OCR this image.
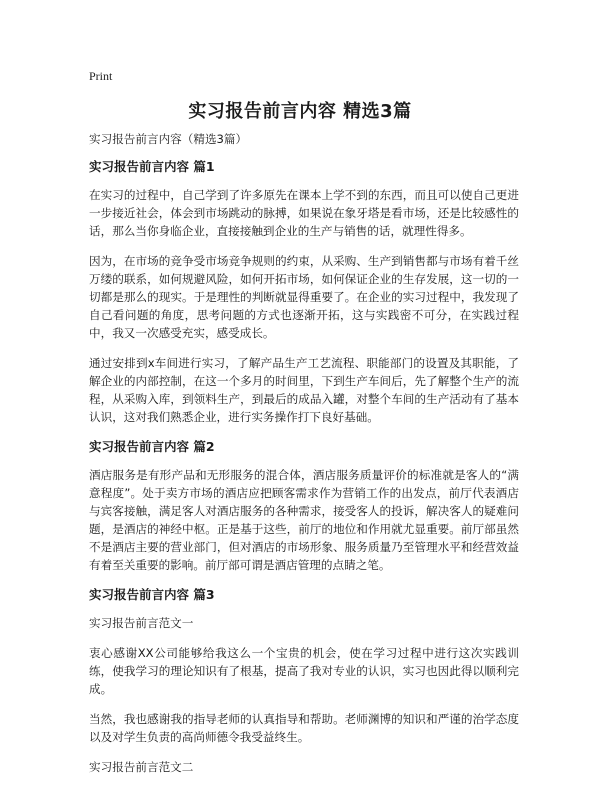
Print
实习报告前言内容 精选3篇

实习报告前言内容（精选3篇）

实习报告前言内容 篇1

在实习的过程中，自己学到了许多原先在课本上学不到的东西，而且可以使自己更进一步接近社会，体会到市场跳动的脉搏，如果说在象牙塔是看市场，还是比较感性的话，那么当你身临企业，直接接触到企业的生产与销售的话，就理性得多。

因为，在市场的竞争受市场竞争规则的约束，从采购、生产到销售都与市场有着千丝万缕的联系，如何规避风险，如何开拓市场，如何保证企业的生存发展，这一切的一切都是那么的现实。于是理性的判断就显得重要了。在企业的实习过程中，我发现了自己看问题的角度，思考问题的方式也逐渐开拓，这与实践密不可分，在实践过程中，我又一次感受充实，感受成长。

通过安排到x车间进行实习，了解产品生产工艺流程、职能部门的设置及其职能，了解企业的内部控制，在这一个多月的时间里，下到生产车间后，先了解整个生产的流程，从采购入库，到领料生产，到最后的成品入罐，对整个车间的生产活动有了基本认识，这对我们熟悉企业，进行实务操作打下良好基础。

实习报告前言内容 篇2

酒店服务是有形产品和无形服务的混合体，酒店服务质量评价的标准就是客人的“满意程度”。处于卖方市场的酒店应把顾客需求作为营销工作的出发点，前厅代表酒店与宾客接触，满足客人对酒店服务的各种需求，接受客人的投诉，解决客人的疑难问题，是酒店的神经中枢。正是基于这些，前厅的地位和作用就尤显重要。前厅部虽然不是酒店主要的营业部门，但对酒店的市场形象、服务质量乃至管理水平和经营效益有着至关重要的影响。前厅部可谓是酒店管理的点睛之笔。

实习报告前言内容 篇3

实习报告前言范文一

衷心感谢XX公司能够给我这么一个宝贵的机会，使在学习过程中进行这次实践训练，使我学习的理论知识有了根基，提高了我对专业的认识，实习也因此得以顺利完成。

当然，我也感谢我的指导老师的认真指导和帮助。老师渊博的知识和严谨的治学态度以及对学生负责的高尚师德令我受益终生。

实习报告前言范文二
